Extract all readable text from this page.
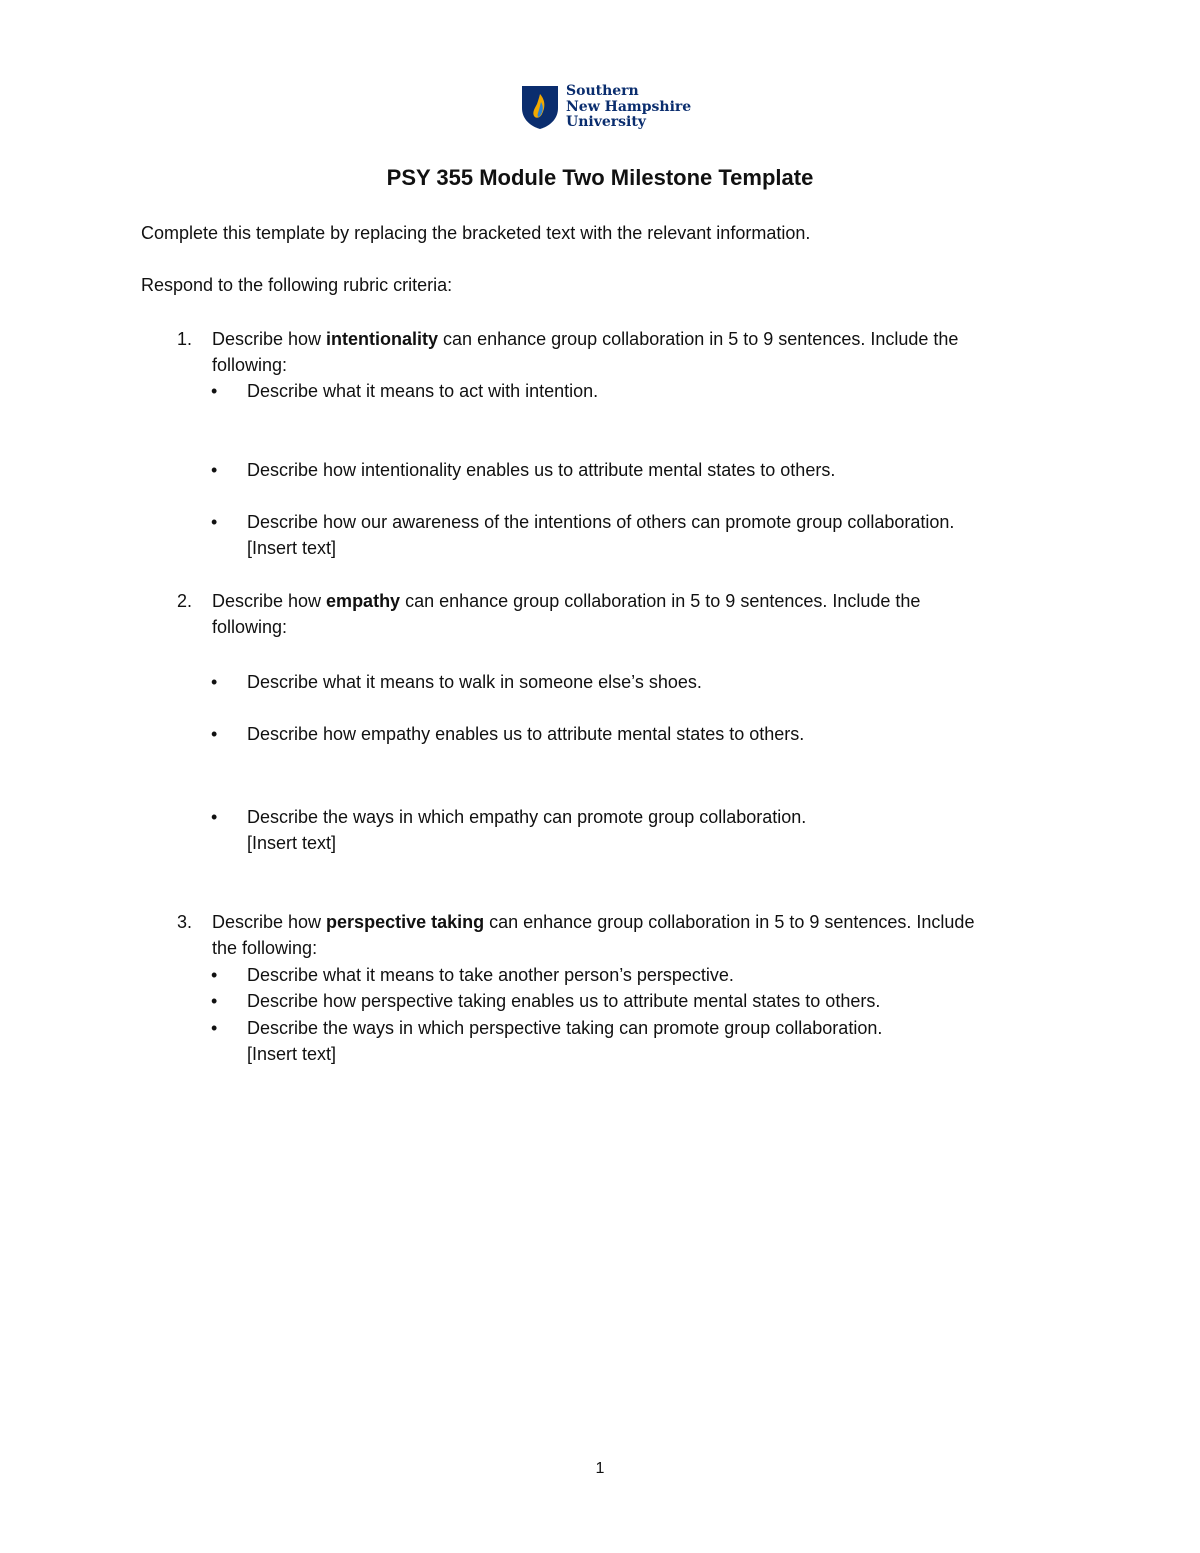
Southern
New Hampshire
University
PSY 355 Module Two Milestone Template
Complete this template by replacing the bracketed text with the relevant information.
Respond to the following rubric criteria:
1.	Describe how intentionality can enhance group collaboration in 5 to 9 sentences. Include the
following:
•	Describe what it means to act with intention.
•	Describe how intentionality enables us to attribute mental states to others.
•	Describe how our awareness of the intentions of others can promote group collaboration.
[Insert text]
2.	Describe how empathy can enhance group collaboration in 5 to 9 sentences. Include the
following:
•	Describe what it means to walk in someone else’s shoes.
•	Describe how empathy enables us to attribute mental states to others.
•	Describe the ways in which empathy can promote group collaboration.
[Insert text]
3.	Describe how perspective taking can enhance group collaboration in 5 to 9 sentences. Include
the following:
•	Describe what it means to take another person’s perspective.
•	Describe how perspective taking enables us to attribute mental states to others.
•	Describe the ways in which perspective taking can promote group collaboration.
[Insert text]
1
